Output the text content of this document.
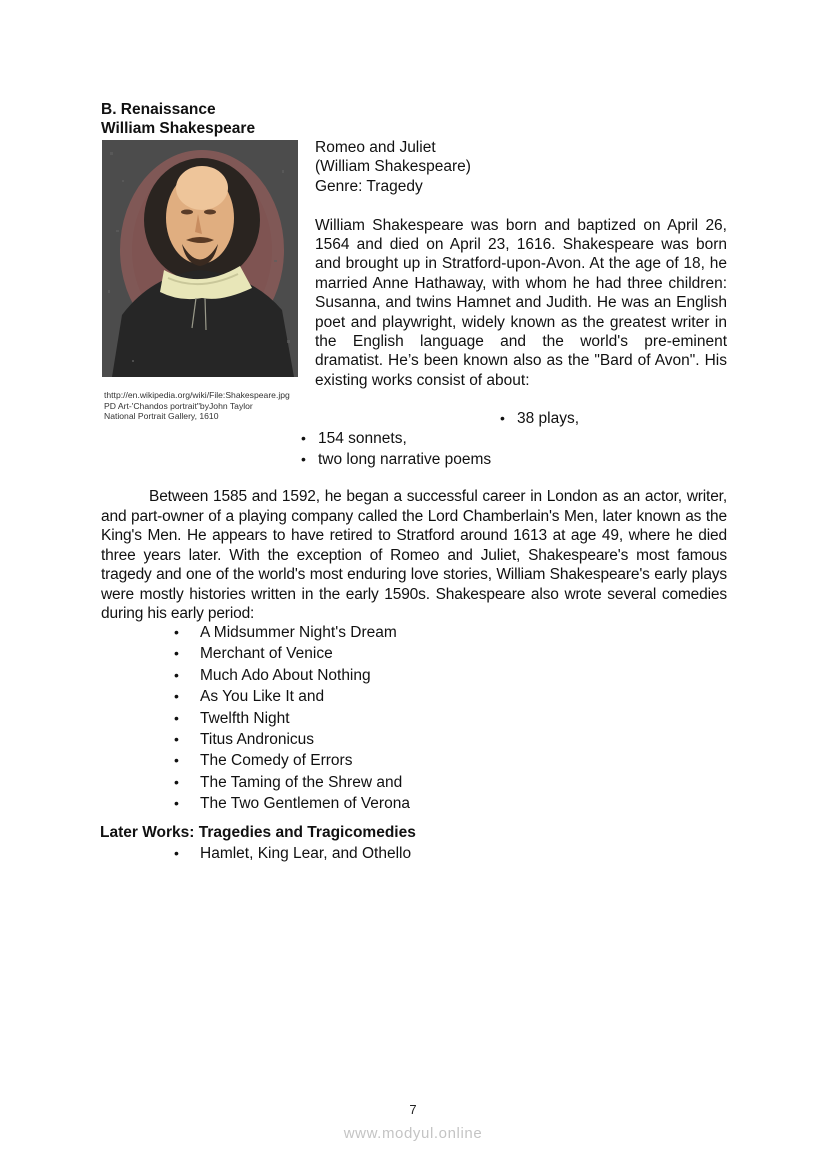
B. Renaissance
William Shakespeare
thttp://en.wikipedia.org/wiki/File:Shakespeare.jpg
PD Art-'Chandos portrait"byJohn Taylor
National Portrait Gallery, 1610
Romeo and Juliet
(William Shakespeare)
Genre: Tragedy

William Shakespeare was born and baptized on April 26, 1564 and died on April 23, 1616. Shakespeare was born and brought up in Stratford-upon-Avon. At the age of 18, he married Anne Hathaway, with whom he had three children: Susanna, and twins Hamnet and Judith. He was an English poet and playwright, widely known as the greatest writer in the English language and the world's pre-eminent dramatist. He’s been known also as the "Bard of Avon". His existing works consist of about:

• 38 plays,
• 154 sonnets,
• two long narrative poems

Between 1585 and 1592, he began a successful career in London as an actor, writer, and part-owner of a playing company called the Lord Chamberlain's Men, later known as the King's Men. He appears to have retired to Stratford around 1613 at age 49, where he died three years later. With the exception of Romeo and Juliet, Shakespeare's most famous tragedy and one of the world's most enduring love stories, William Shakespeare's early plays were mostly histories written in the early 1590s. Shakespeare also wrote several comedies during his early period:

• A Midsummer Night's Dream
• Merchant of Venice
• Much Ado About Nothing
• As You Like It and
• Twelfth Night
• Titus Andronicus
• The Comedy of Errors
• The Taming of the Shrew and
• The Two Gentlemen of Verona
Later Works: Tragedies and Tragicomedies
• Hamlet, King Lear, and Othello
7
www.modyul.online
